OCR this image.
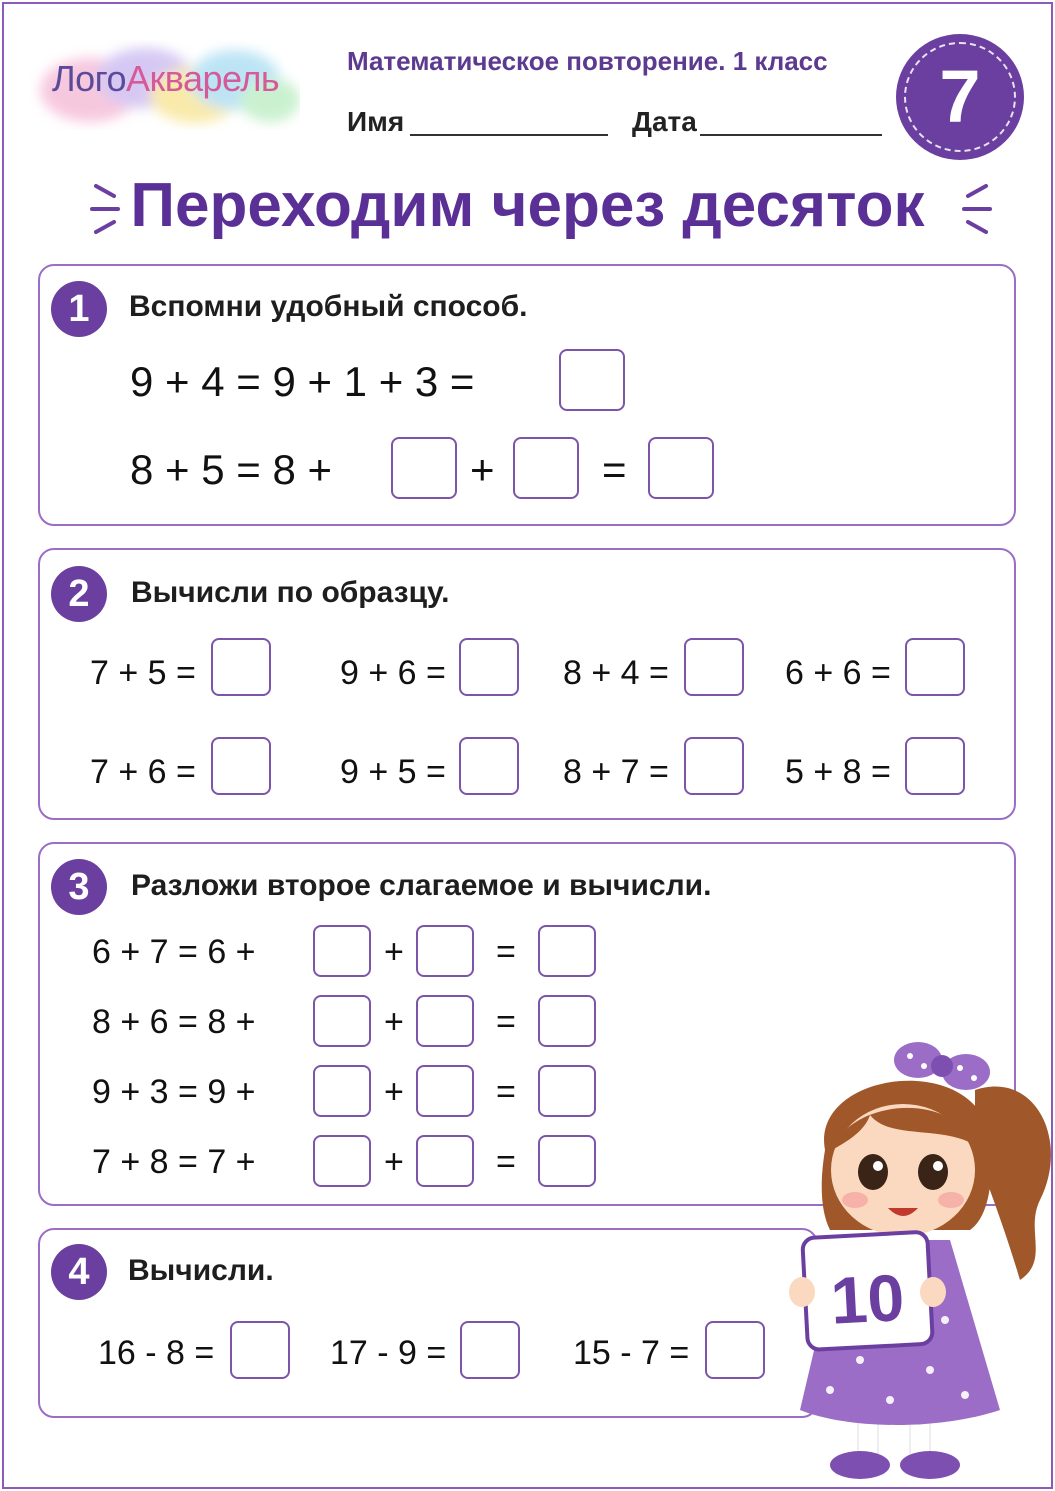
ЛогоАкварель	Математическое повторение. 1 класс
Имя	Дата	7
Переходим через десяток
1	Вспомни удобный способ.
9 + 4 = 9 + 1 + 3 =
8 + 5 = 8 +	+	=
2	Вычисли по образцу.
7 + 5 =	9 + 6 =	8 + 4 =	6 + 6 =
7 + 6 =	9 + 5 =	8 + 7 =	5 + 8 =
3	Разложи второе слагаемое и вычисли.
6 + 7 = 6 +	+	=
8 + 6 = 8 +	+	=
9 + 3 = 9 +	+	=
7 + 8 = 7 +	+	=
4	Вычисли.
16 - 8 =	17 - 9 =	15 - 7 =
10
